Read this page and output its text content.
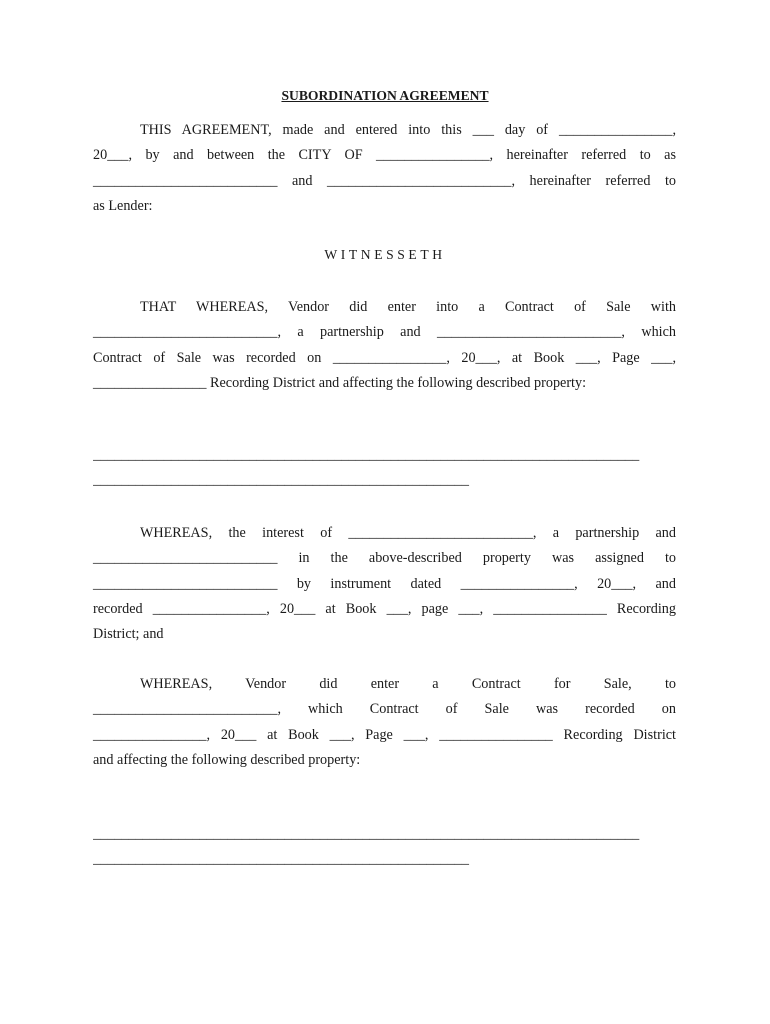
SUBORDINATION AGREEMENT
THIS AGREEMENT, made and entered into this ___ day of ________________,
20___, by and between the CITY OF ________________, hereinafter referred to as
__________________________ and __________________________, hereinafter referred to
as Lender:
WITNESSETH
THAT WHEREAS, Vendor did enter into a Contract of Sale with
__________________________, a partnership and __________________________, which
Contract of Sale was recorded on ________________, 20___, at Book ___, Page ___,
________________ Recording District and affecting the following described property:
_____________________________________________________________________________
_____________________________________________________
WHEREAS, the interest of __________________________, a partnership and
__________________________ in the above-described property was assigned to
__________________________ by instrument dated ________________, 20___, and
recorded ________________, 20___ at Book ___, page ___, ________________ Recording
District; and
WHEREAS, Vendor did enter a Contract for Sale, to
__________________________, which Contract of Sale was recorded on
________________, 20___ at Book ___, Page ___, ________________ Recording District
and affecting the following described property:
_____________________________________________________________________________
_____________________________________________________
